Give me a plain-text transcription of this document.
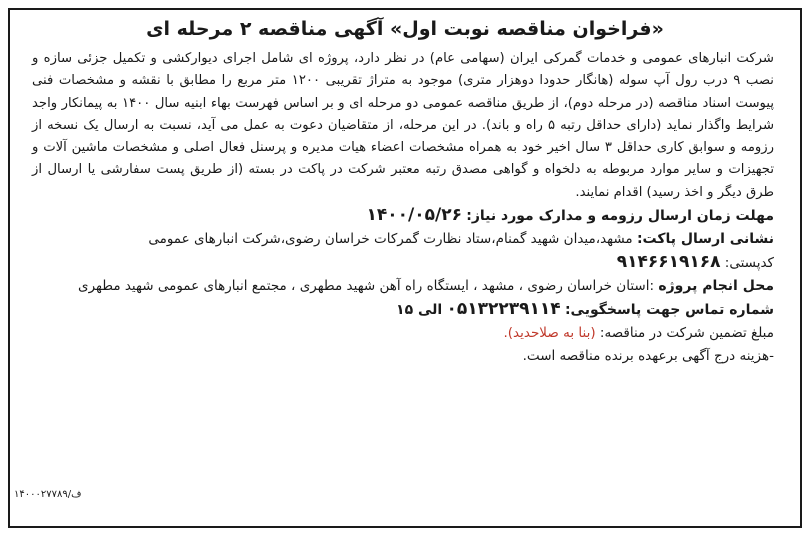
«فراخوان مناقصه نوبت اول» آگهی مناقصه ۲ مرحله ای
شرکت انبارهای عمومی و خدمات گمرکی ایران (سهامی عام) در نظر دارد، پروژه ای شامل اجرای دیوارکشی و تکمیل جزئی سازه و نصب ۹ درب رول آپ سوله (هانگار حدودا دوهزار متری) موجود به متراژ تقریبی ۱۲۰۰ متر مربع را مطابق با نقشه و مشخصات فنی پیوست اسناد مناقصه (در مرحله دوم)، از طریق مناقصه عمومی دو مرحله ای و بر اساس فهرست بهاء ابنیه سال ۱۴۰۰ به پیمانکار واجد شرایط واگذار نماید (دارای حداقل رتبه ۵ راه و باند). در این مرحله، از متقاضیان دعوت به عمل می آید، نسبت به ارسال یک نسخه از رزومه و سوابق کاری حداقل ۳ سال اخیر خود به همراه مشخصات اعضاء هیات مدیره و پرسنل فعال اصلی و مشخصات ماشین آلات و تجهیزات و سایر موارد مربوطه به دلخواه و گواهی مصدق رتبه معتبر شرکت در پاکت در بسته (از طریق پست سفارشی یا ارسال از طرق دیگر و اخذ رسید) اقدام نمایند.
مهلت زمان ارسال رزومه و مدارک مورد نیاز: ۱۴۰۰/۰۵/۲۶
نشانی ارسال پاکت: مشهد،میدان شهید گمنام،ستاد نظارت گمرکات خراسان رضوی،شرکت انبارهای عمومی
کدپستی: ۹۱۴۶۶۱۹۱۶۸
محل انجام پروژه :استان خراسان رضوی ، مشهد ، ایستگاه راه آهن شهید مطهری ، مجتمع انبارهای عمومی شهید مطهری
شماره تماس جهت پاسخگویی: ۰۵۱۳۲۲۳۹۱۱۴ الی ۱۵
مبلغ تضمین شرکت در مناقصه: (بنا به صلاحدید).
-هزینه درج آگهی برعهده برنده مناقصه است.
۱۴۰۰۰۲۷۷۸۹/ف
